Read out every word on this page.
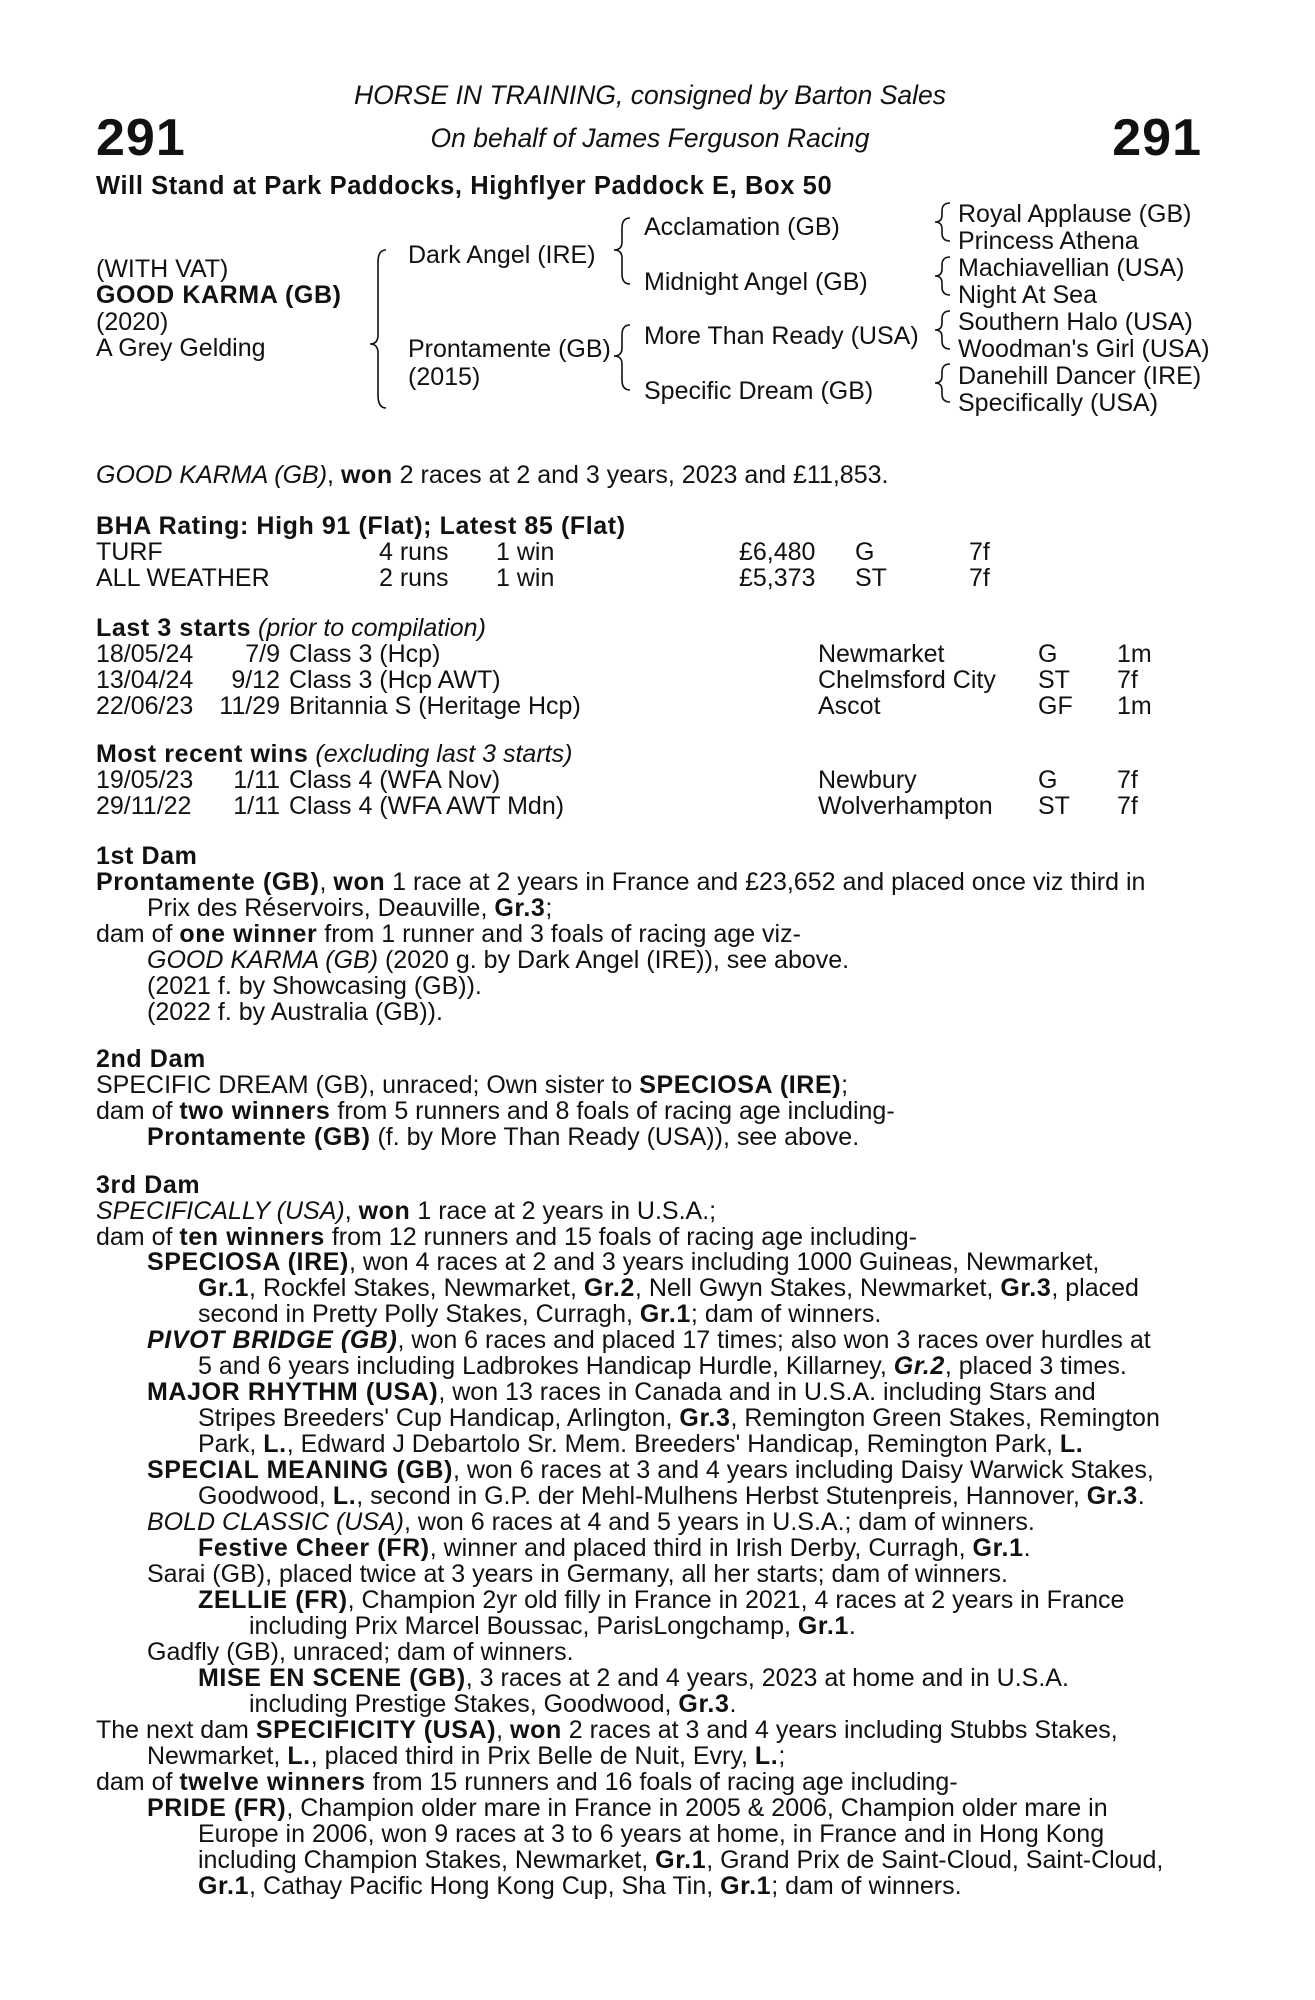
291	291
HORSE IN TRAINING, consigned by Barton Sales
On behalf of James Ferguson Racing
Will Stand at Park Paddocks, Highflyer Paddock E, Box 50
(WITH VAT)
GOOD KARMA (GB)
(2020)
A Grey Gelding
Dark Angel (IRE)
Prontamente (GB)
(2015)
Acclamation (GB)
Midnight Angel (GB)
More Than Ready (USA)
Specific Dream (GB)
Royal Applause (GB)
Princess Athena
Machiavellian (USA)
Night At Sea
Southern Halo (USA)
Woodman's Girl (USA)
Danehill Dancer (IRE)
Specifically (USA)
GOOD KARMA (GB), won 2 races at 2 and 3 years, 2023 and £11,853.
BHA Rating: High 91 (Flat); Latest 85 (Flat)
TURF	4 runs 1 win	£6,480 G	7f
ALL WEATHER	2 runs 1 win	£5,373 ST	7f
Last 3 starts (prior to compilation)
18/05/24	7/9 Class 3 (Hcp)	Newmarket	G 1m
13/04/24	9/12 Class 3 (Hcp AWT)	Chelmsford City ST 7f
22/06/23	11/29 Britannia S (Heritage Hcp)	Ascot	GF 1m
Most recent wins (excluding last 3 starts)
19/05/23	1/11 Class 4 (WFA Nov)	Newbury	G 7f
29/11/22	1/11 Class 4 (WFA AWT Mdn)	Wolverhampton ST 7f
1st Dam
Prontamente (GB), won 1 race at 2 years in France and £23,652 and placed once viz third in
Prix des Réservoirs, Deauville, Gr.3;
dam of one winner from 1 runner and 3 foals of racing age viz-
GOOD KARMA (GB) (2020 g. by Dark Angel (IRE)), see above.
(2021 f. by Showcasing (GB)).
(2022 f. by Australia (GB)).
2nd Dam
SPECIFIC DREAM (GB), unraced; Own sister to SPECIOSA (IRE);
dam of two winners from 5 runners and 8 foals of racing age including-
Prontamente (GB) (f. by More Than Ready (USA)), see above.
3rd Dam
SPECIFICALLY (USA), won 1 race at 2 years in U.S.A.;
dam of ten winners from 12 runners and 15 foals of racing age including-
SPECIOSA (IRE), won 4 races at 2 and 3 years including 1000 Guineas, Newmarket,
Gr.1, Rockfel Stakes, Newmarket, Gr.2, Nell Gwyn Stakes, Newmarket, Gr.3, placed
second in Pretty Polly Stakes, Curragh, Gr.1; dam of winners.
PIVOT BRIDGE (GB), won 6 races and placed 17 times; also won 3 races over hurdles at
5 and 6 years including Ladbrokes Handicap Hurdle, Killarney, Gr.2, placed 3 times.
MAJOR RHYTHM (USA), won 13 races in Canada and in U.S.A. including Stars and
Stripes Breeders' Cup Handicap, Arlington, Gr.3, Remington Green Stakes, Remington
Park, L., Edward J Debartolo Sr. Mem. Breeders' Handicap, Remington Park, L.
SPECIAL MEANING (GB), won 6 races at 3 and 4 years including Daisy Warwick Stakes,
Goodwood, L., second in G.P. der Mehl-Mulhens Herbst Stutenpreis, Hannover, Gr.3.
BOLD CLASSIC (USA), won 6 races at 4 and 5 years in U.S.A.; dam of winners.
Festive Cheer (FR), winner and placed third in Irish Derby, Curragh, Gr.1.
Sarai (GB), placed twice at 3 years in Germany, all her starts; dam of winners.
ZELLIE (FR), Champion 2yr old filly in France in 2021, 4 races at 2 years in France
including Prix Marcel Boussac, ParisLongchamp, Gr.1.
Gadfly (GB), unraced; dam of winners.
MISE EN SCENE (GB), 3 races at 2 and 4 years, 2023 at home and in U.S.A.
including Prestige Stakes, Goodwood, Gr.3.
The next dam SPECIFICITY (USA), won 2 races at 3 and 4 years including Stubbs Stakes,
Newmarket, L., placed third in Prix Belle de Nuit, Evry, L.;
dam of twelve winners from 15 runners and 16 foals of racing age including-
PRIDE (FR), Champion older mare in France in 2005 & 2006, Champion older mare in
Europe in 2006, won 9 races at 3 to 6 years at home, in France and in Hong Kong
including Champion Stakes, Newmarket, Gr.1, Grand Prix de Saint-Cloud, Saint-Cloud,
Gr.1, Cathay Pacific Hong Kong Cup, Sha Tin, Gr.1; dam of winners.
